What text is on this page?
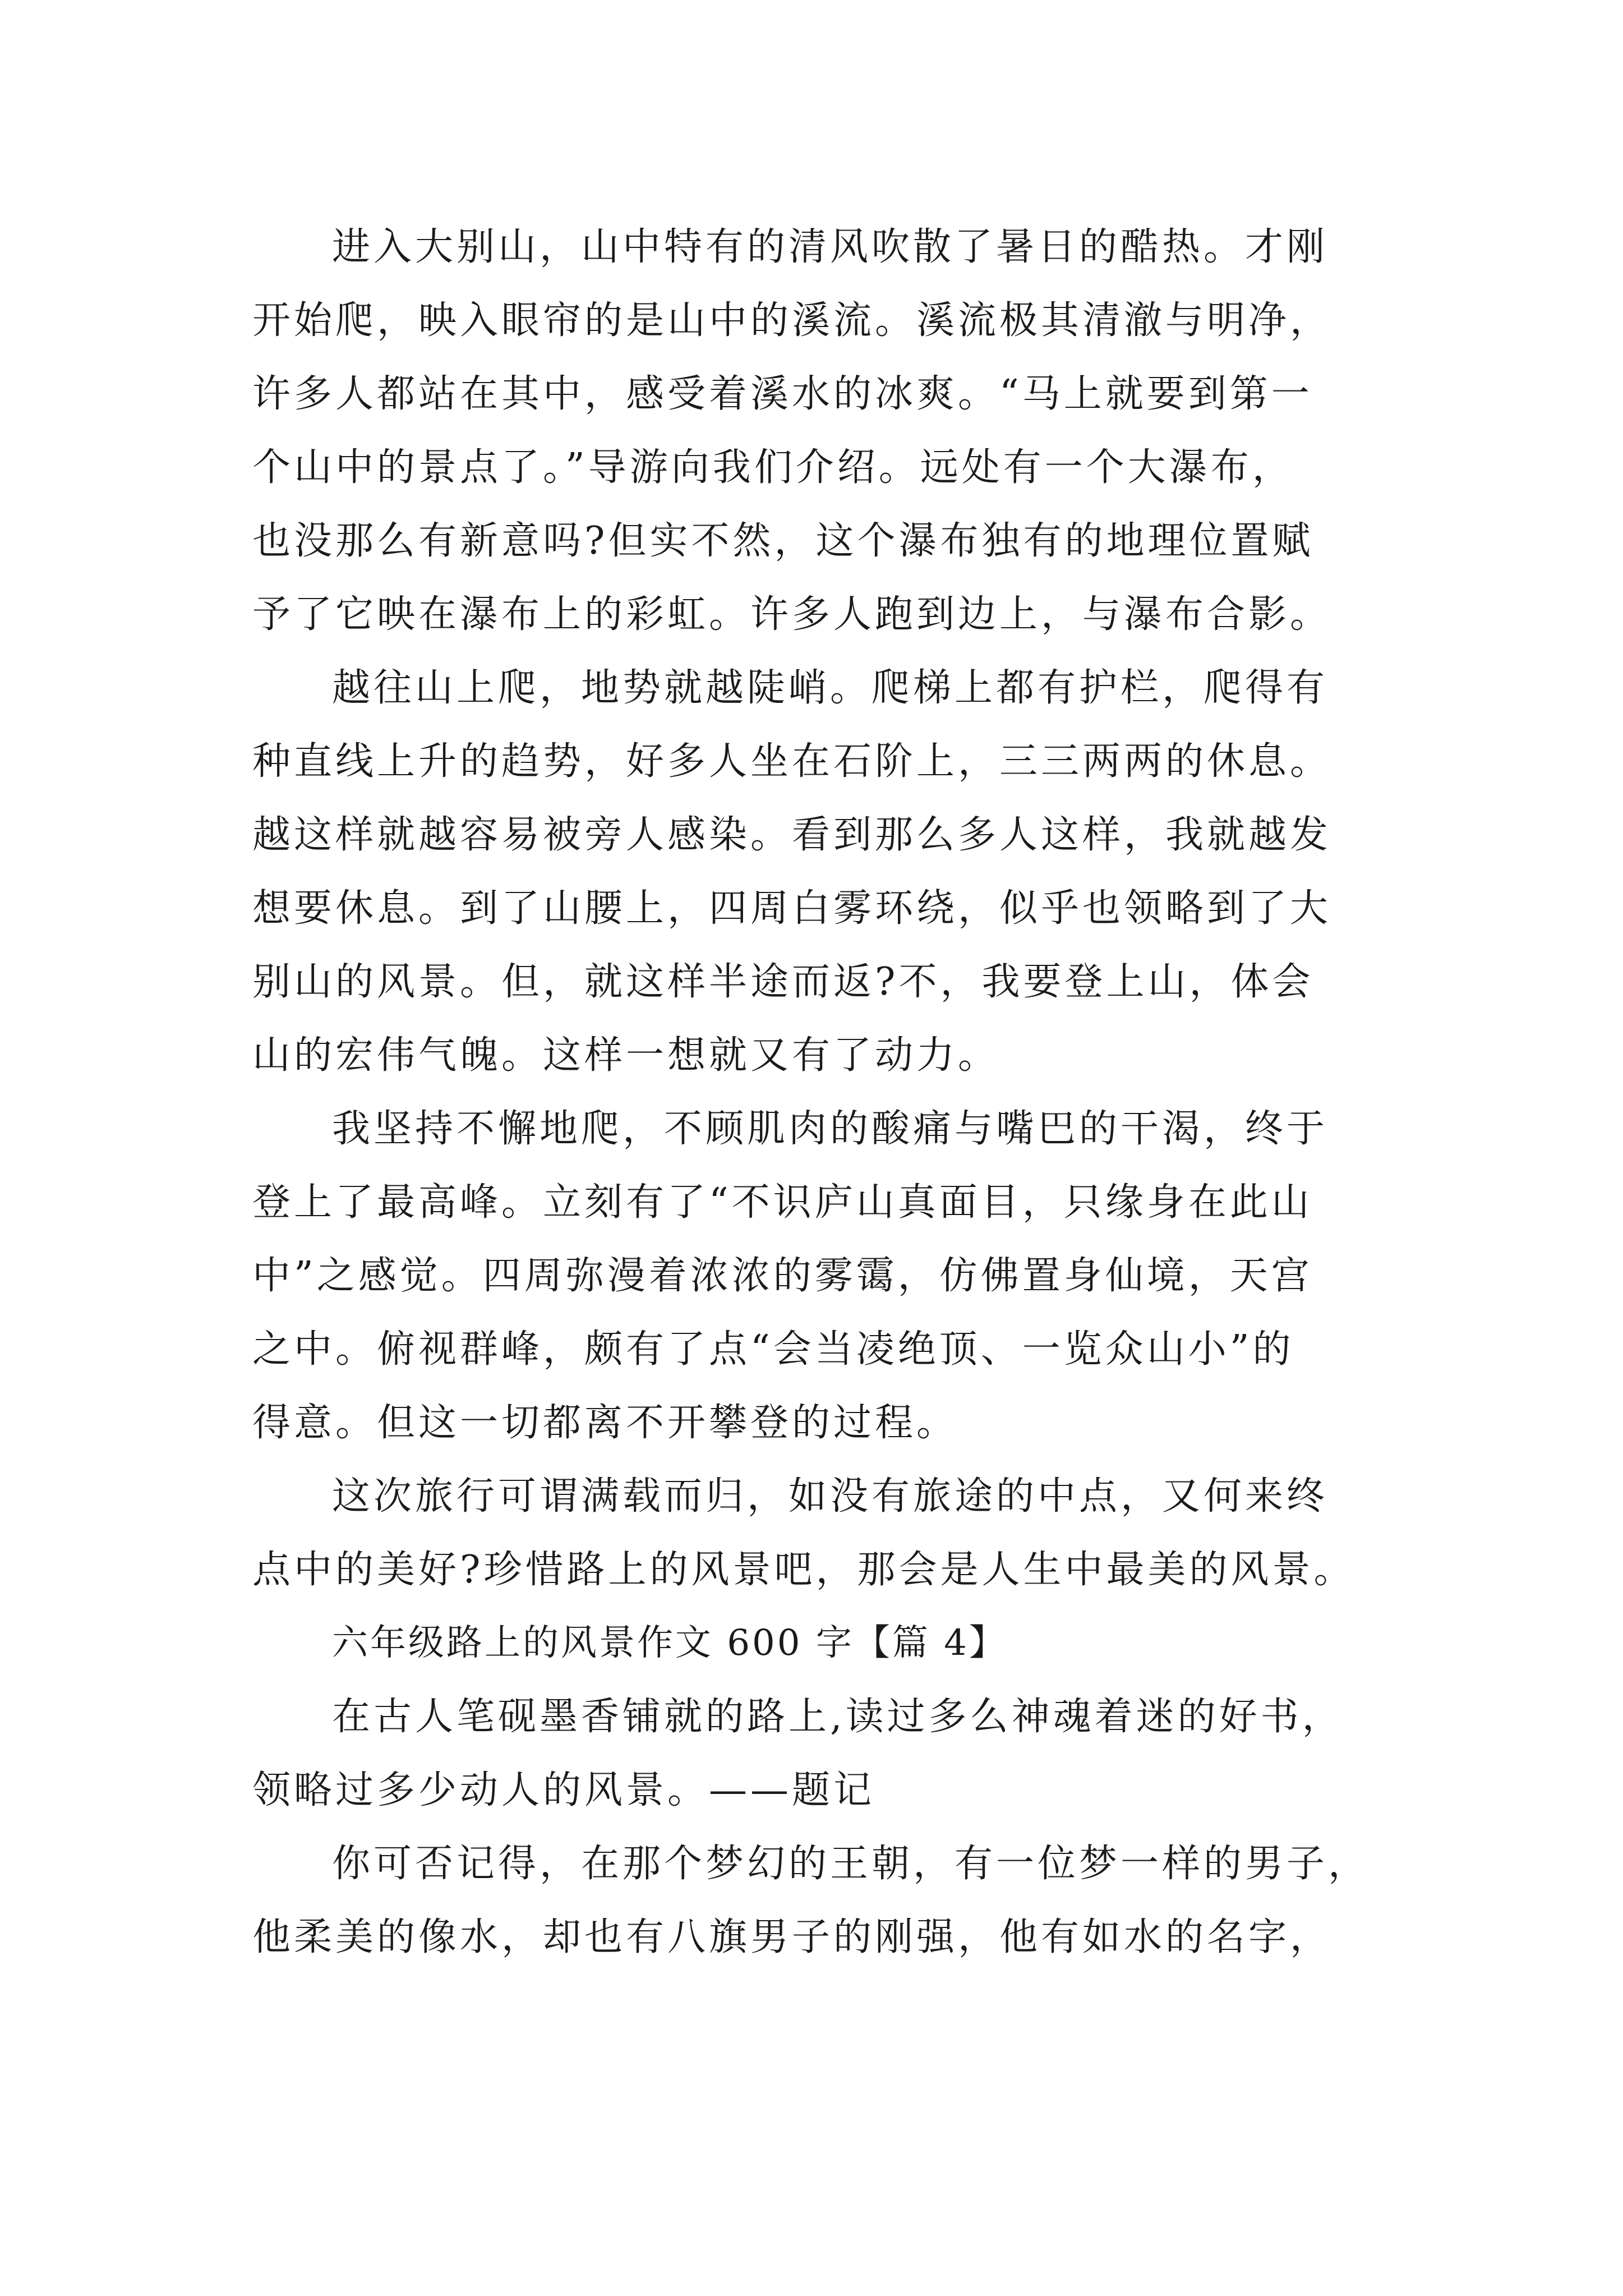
进入大别山，山中特有的清风吹散了暑日的酷热。才刚
开始爬，映入眼帘的是山中的溪流。溪流极其清澈与明净，
许多人都站在其中，感受着溪水的冰爽。“马上就要到第一
个山中的景点了。”导游向我们介绍。远处有一个大瀑布，
也没那么有新意吗?但实不然，这个瀑布独有的地理位置赋
予了它映在瀑布上的彩虹。许多人跑到边上，与瀑布合影。
越往山上爬，地势就越陡峭。爬梯上都有护栏，爬得有
种直线上升的趋势，好多人坐在石阶上，三三两两的休息。
越这样就越容易被旁人感染。看到那么多人这样，我就越发
想要休息。到了山腰上，四周白雾环绕，似乎也领略到了大
别山的风景。但，就这样半途而返?不，我要登上山，体会
山的宏伟气魄。这样一想就又有了动力。
我坚持不懈地爬，不顾肌肉的酸痛与嘴巴的干渴，终于
登上了最高峰。立刻有了“不识庐山真面目，只缘身在此山
中”之感觉。四周弥漫着浓浓的雾霭，仿佛置身仙境，天宫
之中。俯视群峰，颇有了点“会当凌绝顶、一览众山小”的
得意。但这一切都离不开攀登的过程。
这次旅行可谓满载而归，如没有旅途的中点，又何来终
点中的美好?珍惜路上的风景吧，那会是人生中最美的风景。
六年级路上的风景作文 600 字【篇 4】
在古人笔砚墨香铺就的路上,读过多么神魂着迷的好书，
领略过多少动人的风景。——题记
你可否记得，在那个梦幻的王朝，有一位梦一样的男子，
他柔美的像水，却也有八旗男子的刚强，他有如水的名字，
